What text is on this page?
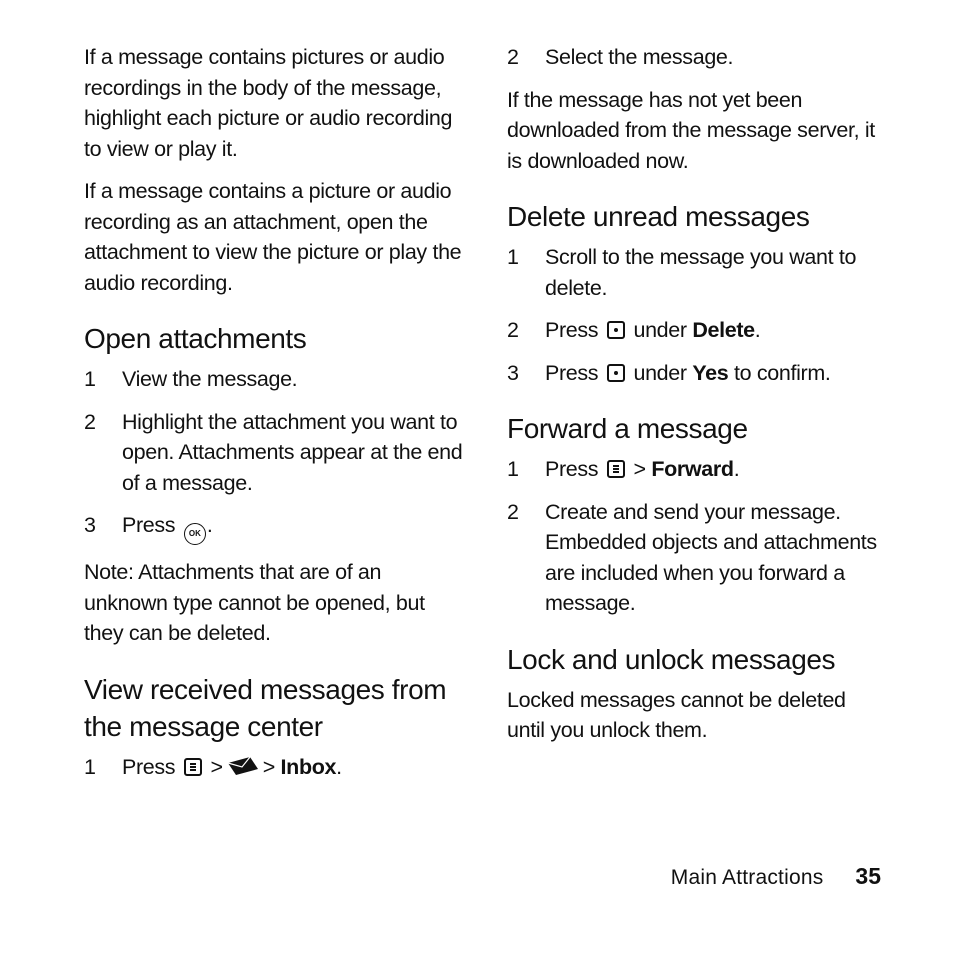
If a message contains pictures or audio recordings in the body of the message, highlight each picture or audio recording to view or play it.

If a message contains a picture or audio recording as an attachment, open the attachment to view the picture or play the audio recording.

Open attachments
1	View the message.
2	Highlight the attachment you want to open. Attachments appear at the end of a message.
3	Press OK .

Note: Attachments that are of an unknown type cannot be opened, but they can be deleted.

View received messages from the message center
1	Press > > Inbox.
2	Select the message.

If the message has not yet been downloaded from the message server, it is downloaded now.

Delete unread messages
1	Scroll to the message you want to delete.
2	Press under Delete.
3	Press under Yes to confirm.
Forward a message
1	Press > Forward.
2	Create and send your message. Embedded objects and attachments are included when you forward a message.
Lock and unlock messages

Locked messages cannot be deleted until you unlock them.

Main Attractions 35
